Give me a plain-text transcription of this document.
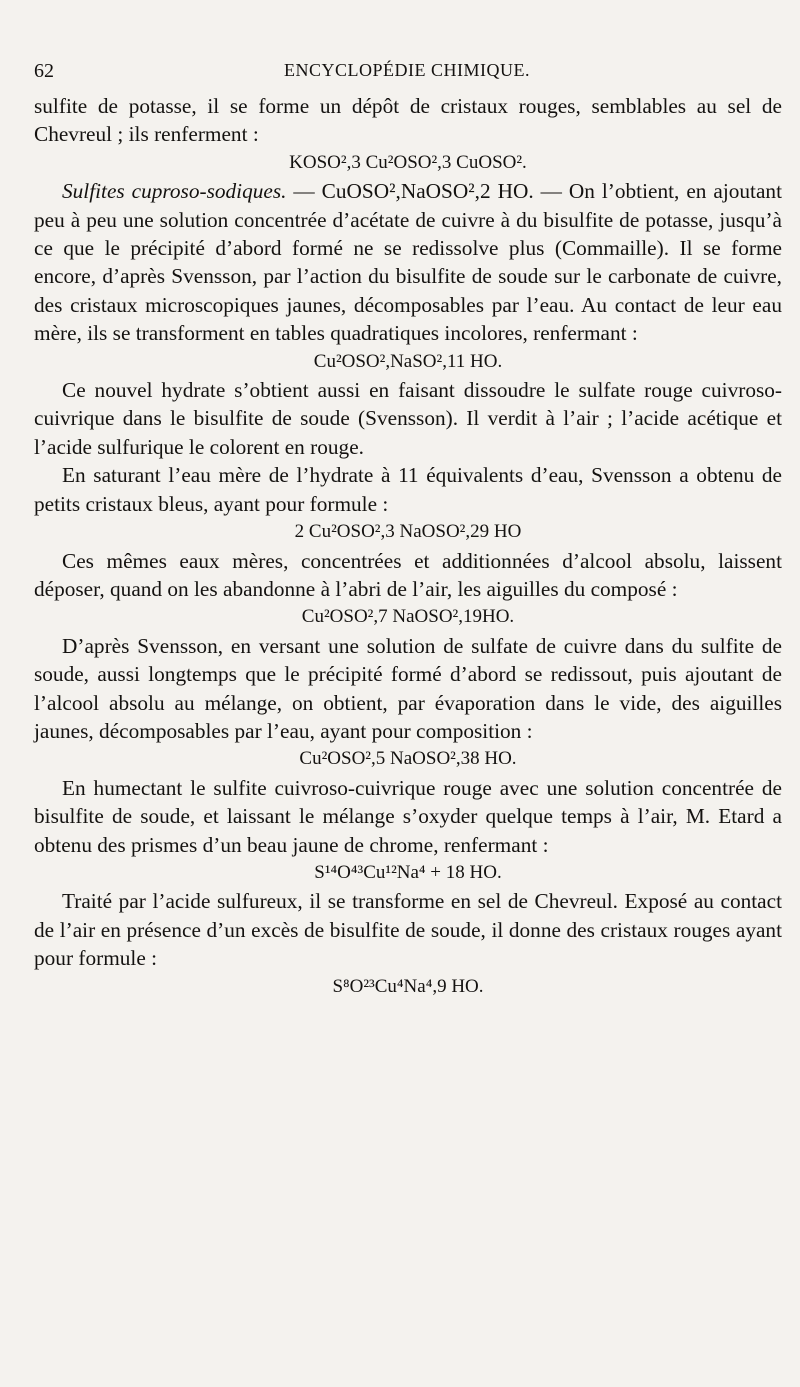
62	ENCYCLOPÉDIE CHIMIQUE.

sulfite de potasse, il se forme un dépôt de cristaux rouges, semblables au sel de Chevreul ; ils renferment :

KOSO²,3 Cu²OSO²,3 CuOSO².

Sulfites cuproso-sodiques. — CuOSO²,NaOSO²,2 HO. — On l’obtient, en ajoutant peu à peu une solution concentrée d’acétate de cuivre à du bisulfite de potasse, jusqu’à ce que le précipité d’abord formé ne se redissolve plus (Commaille). Il se forme encore, d’après Svensson, par l’action du bisulfite de soude sur le carbonate de cuivre, des cristaux microscopiques jaunes, décomposables par l’eau. Au contact de leur eau mère, ils se transforment en tables quadratiques incolores, renfermant :

Cu²OSO²,NaSO²,11 HO.

Ce nouvel hydrate s’obtient aussi en faisant dissoudre le sulfate rouge cuivroso-cuivrique dans le bisulfite de soude (Svensson). Il verdit à l’air ; l’acide acétique et l’acide sulfurique le colorent en rouge.

En saturant l’eau mère de l’hydrate à 11 équivalents d’eau, Svensson a obtenu de petits cristaux bleus, ayant pour formule :

2 Cu²OSO²,3 NaOSO²,29 HO

Ces mêmes eaux mères, concentrées et additionnées d’alcool absolu, laissent déposer, quand on les abandonne à l’abri de l’air, les aiguilles du composé :

Cu²OSO²,7 NaOSO²,19HO.

D’après Svensson, en versant une solution de sulfate de cuivre dans du sulfite de soude, aussi longtemps que le précipité formé d’abord se redissout, puis ajoutant de l’alcool absolu au mélange, on obtient, par évaporation dans le vide, des aiguilles jaunes, décomposables par l’eau, ayant pour composition :

Cu²OSO²,5 NaOSO²,38 HO.

En humectant le sulfite cuivroso-cuivrique rouge avec une solution concentrée de bisulfite de soude, et laissant le mélange s’oxyder quelque temps à l’air, M. Etard a obtenu des prismes d’un beau jaune de chrome, renfermant :

S¹⁴O⁴³Cu¹²Na⁴ + 18 HO.

Traité par l’acide sulfureux, il se transforme en sel de Chevreul. Exposé au contact de l’air en présence d’un excès de bisulfite de soude, il donne des cristaux rouges ayant pour formule :

S⁸O²³Cu⁴Na⁴,9 HO.
